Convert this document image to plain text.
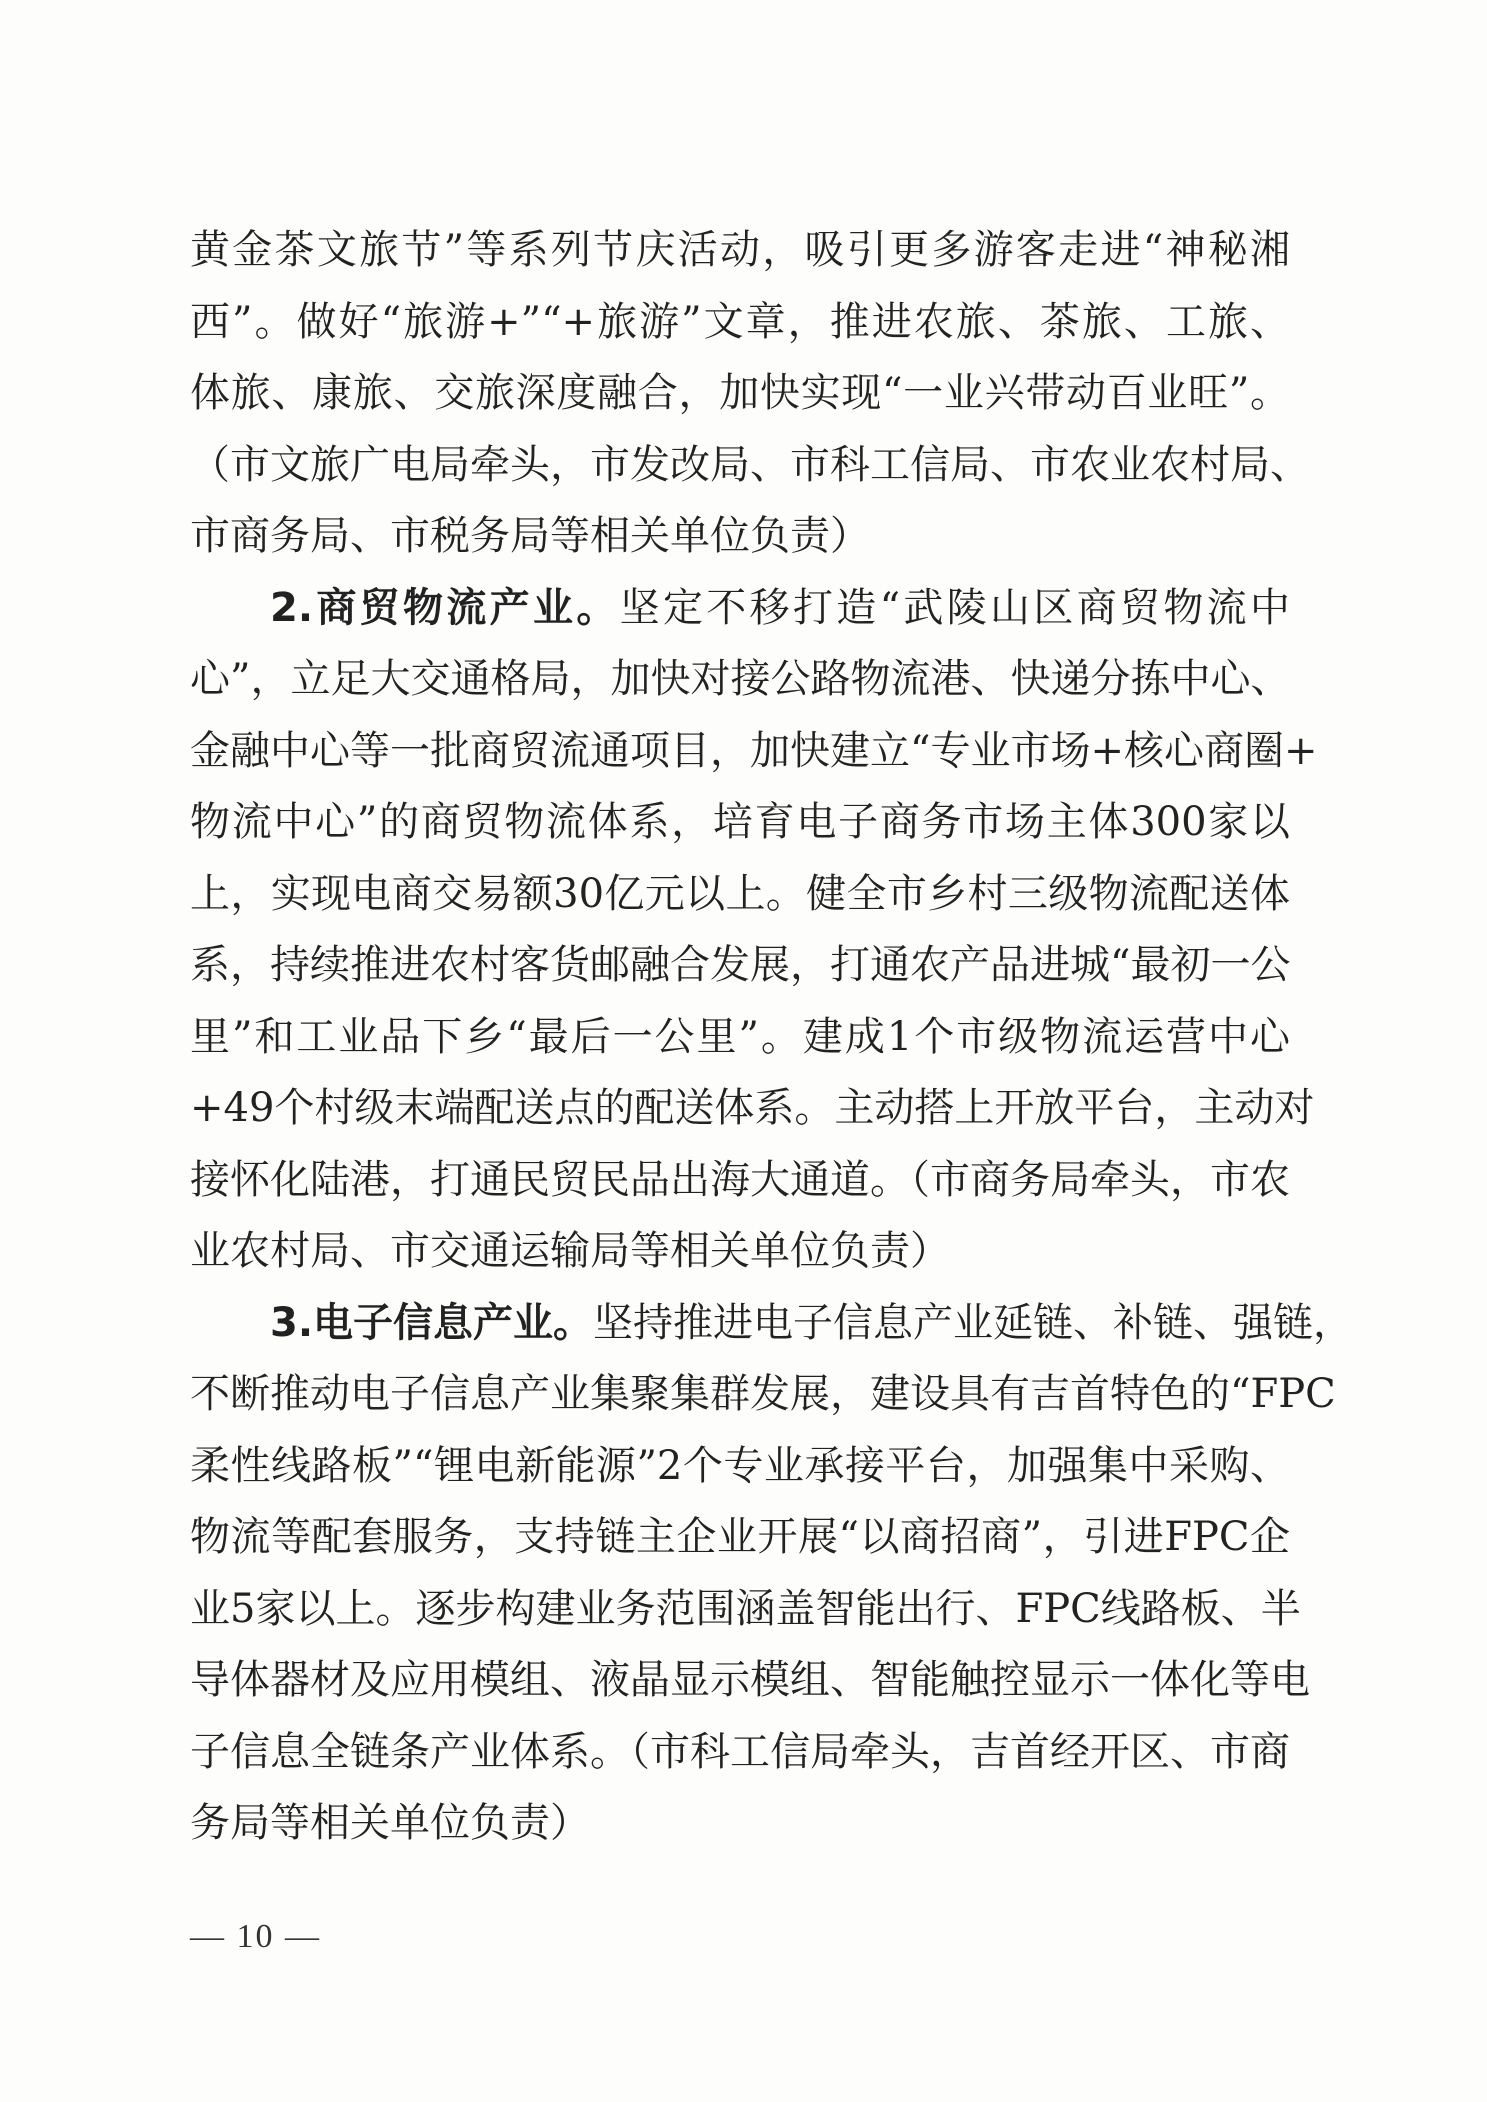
黄金茶文旅节”等系列节庆活动，吸引更多游客走进“神秘湘
西”。做好“旅游+”“+旅游”文章，推进农旅、茶旅、工旅、
体旅、康旅、交旅深度融合，加快实现“一业兴带动百业旺”。
（市文旅广电局牵头，市发改局、市科工信局、市农业农村局、
市商务局、市税务局等相关单位负责）
2.商贸物流产业。坚定不移打造“武陵山区商贸物流中
心”，立足大交通格局，加快对接公路物流港、快递分拣中心、
金融中心等一批商贸流通项目，加快建立“专业市场+核心商圈+
物流中心”的商贸物流体系，培育电子商务市场主体300家以
上，实现电商交易额30亿元以上。健全市乡村三级物流配送体
系，持续推进农村客货邮融合发展，打通农产品进城“最初一公
里”和工业品下乡“最后一公里”。建成1个市级物流运营中心
+49个村级末端配送点的配送体系。主动搭上开放平台，主动对
接怀化陆港，打通民贸民品出海大通道。（市商务局牵头，市农
业农村局、市交通运输局等相关单位负责）
3.电子信息产业。坚持推进电子信息产业延链、补链、强链，
不断推动电子信息产业集聚集群发展，建设具有吉首特色的“FPC
柔性线路板”“锂电新能源”2个专业承接平台，加强集中采购、
物流等配套服务，支持链主企业开展“以商招商”，引进FPC企
业5家以上。逐步构建业务范围涵盖智能出行、FPC线路板、半
导体器材及应用模组、液晶显示模组、智能触控显示一体化等电
子信息全链条产业体系。（市科工信局牵头，吉首经开区、市商
务局等相关单位负责）
— 10 —
